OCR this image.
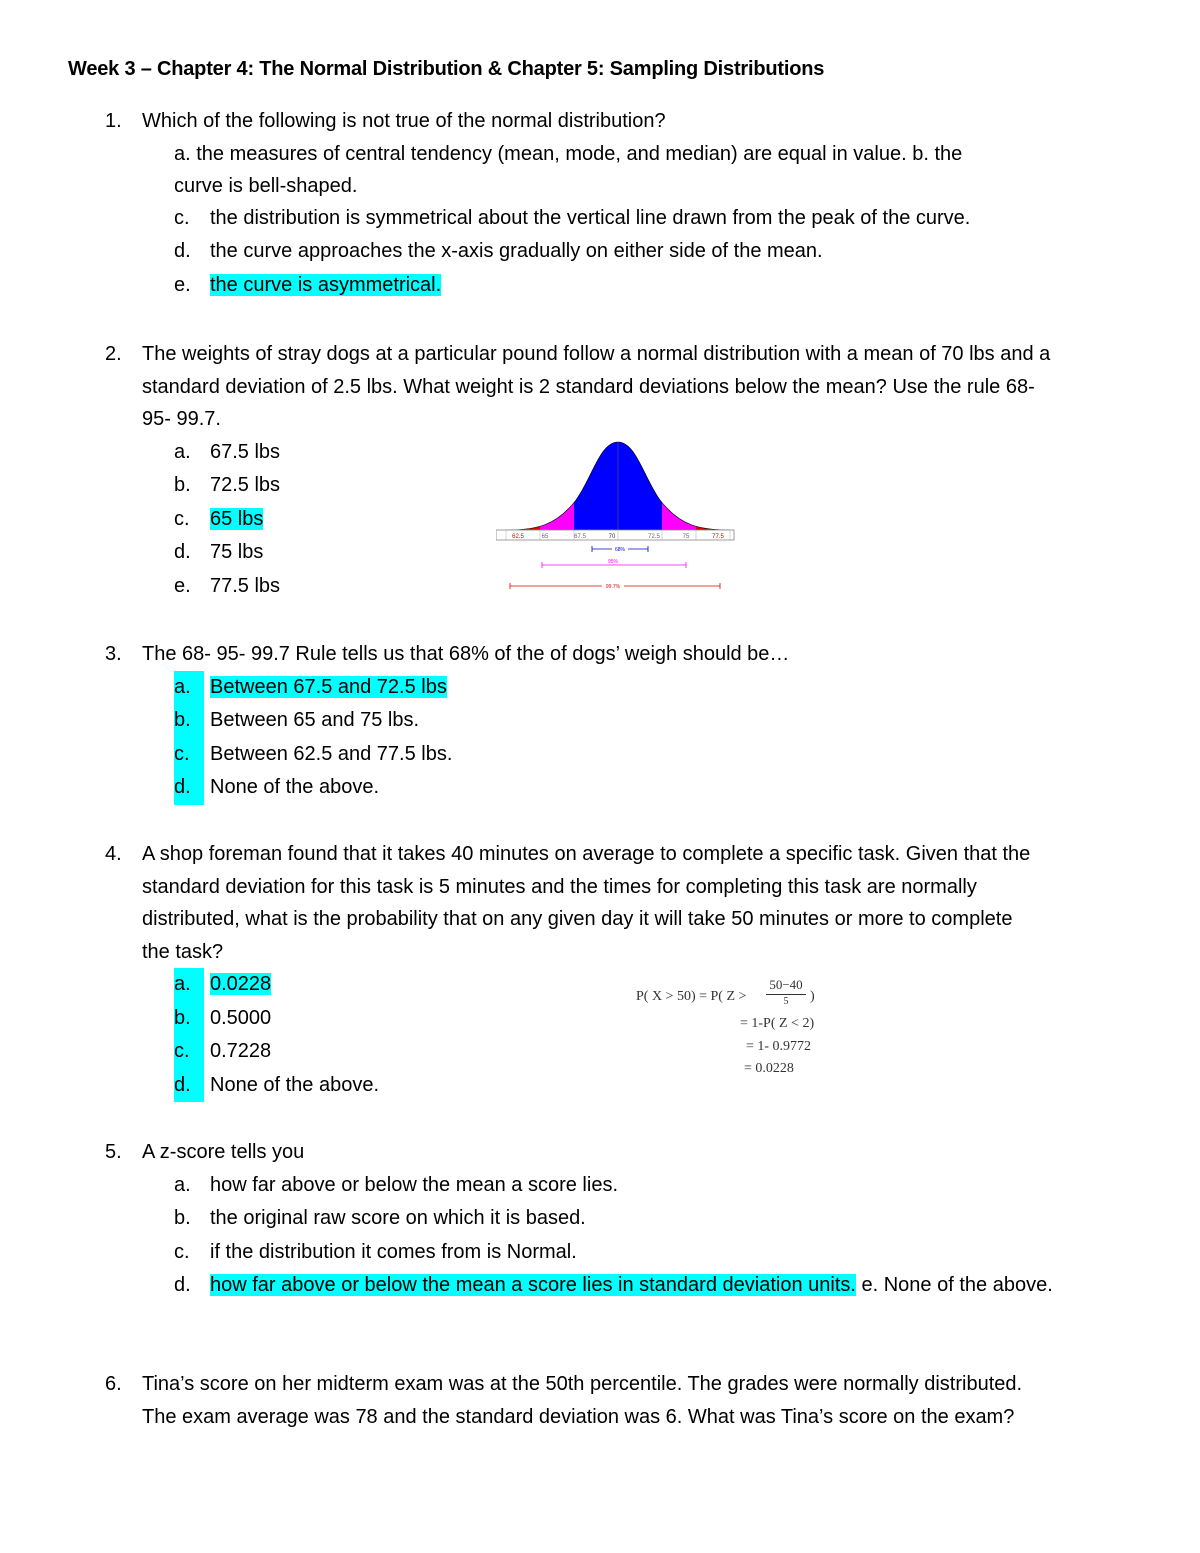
Week 3 – Chapter 4: The Normal Distribution & Chapter 5: Sampling Distributions
1. Which of the following is not true of the normal distribution?
a. the measures of central tendency (mean, mode, and median) are equal in value. b. the
curve is bell-shaped.
c. the distribution is symmetrical about the vertical line drawn from the peak of the curve.
d. the curve approaches the x-axis gradually on either side of the mean.
e. the curve is asymmetrical.
2. The weights of stray dogs at a particular pound follow a normal distribution with a mean of 70 lbs and a
standard deviation of 2.5 lbs. What weight is 2 standard deviations below the mean? Use the rule 68-
95- 99.7.
a. 67.5 lbs
b. 72.5 lbs
c. 65 lbs
d. 75 lbs
e. 77.5 lbs
62.5	65	67.5	70	72.5	75	77.5
68%
95%
99.7%
3. The 68- 95- 99.7 Rule tells us that 68% of the of dogs’ weigh should be…
a. Between 67.5 and 72.5 lbs
b. Between 65 and 75 lbs.
c. Between 62.5 and 77.5 lbs.
d. None of the above.
4. A shop foreman found that it takes 40 minutes on average to complete a specific task. Given that the
standard deviation for this task is 5 minutes and the times for completing this task are normally
distributed, what is the probability that on any given day it will take 50 minutes or more to complete
the task?
a. 0.0228
b. 0.5000
c. 0.7228
d. None of the above.
P( X > 50) = P( Z >
50−40
5	)
= 1-P( Z < 2)
= 1- 0.9772
= 0.0228
5. A z-score tells you
a. how far above or below the mean a score lies.
b. the original raw score on which it is based.
c. if the distribution it comes from is Normal.
d. how far above or below the mean a score lies in standard deviation units. e. None of the above.
6. Tina’s score on her midterm exam was at the 50th percentile. The grades were normally distributed.
The exam average was 78 and the standard deviation was 6. What was Tina’s score on the exam?
